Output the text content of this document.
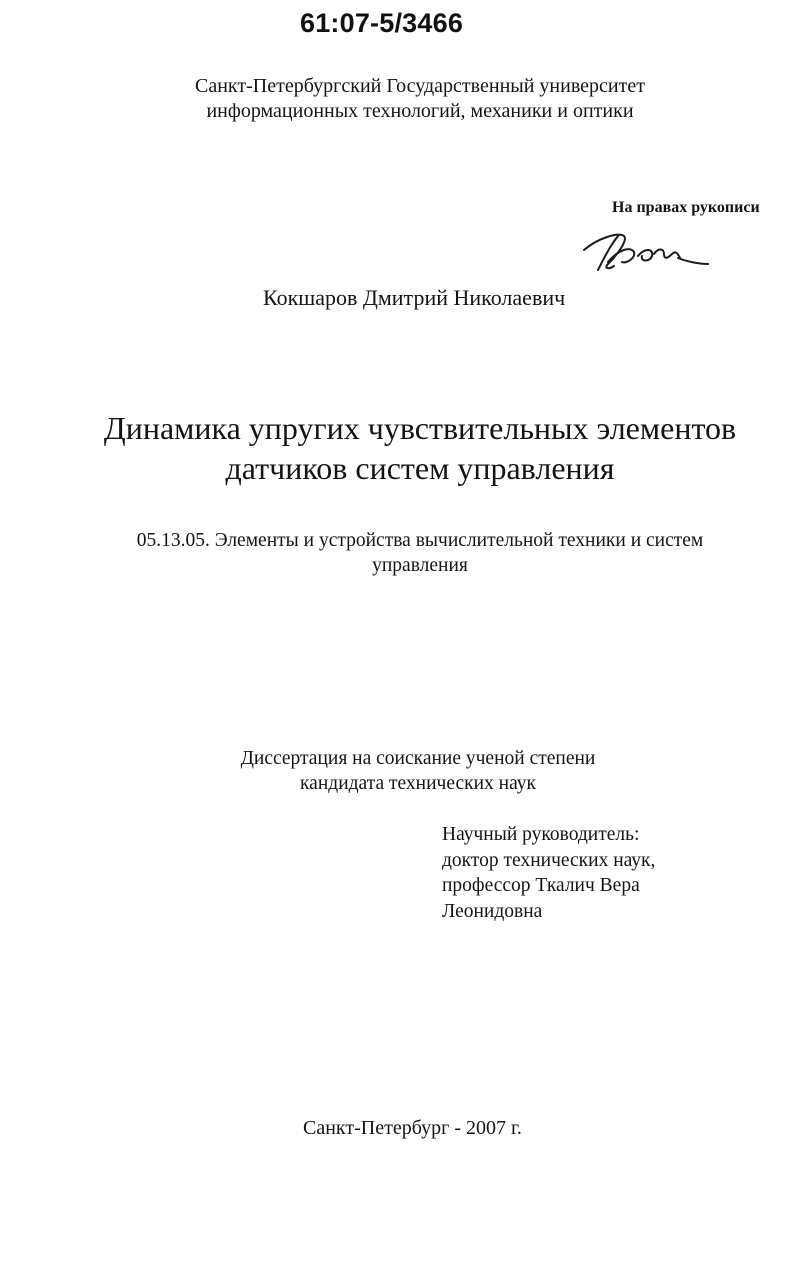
61:07-5/3466
Санкт-Петербургский Государственный университет
информационных технологий, механики и оптики
На правах рукописи
Кокшаров Дмитрий Николаевич
Динамика упругих чувствительных элементов
датчиков систем управления
05.13.05. Элементы и устройства вычислительной техники и систем
управления
Диссертация на соискание ученой степени
кандидата технических наук
Научный руководитель:
доктор технических наук,
профессор Ткалич Вера
Леонидовна
Санкт-Петербург - 2007 г.
